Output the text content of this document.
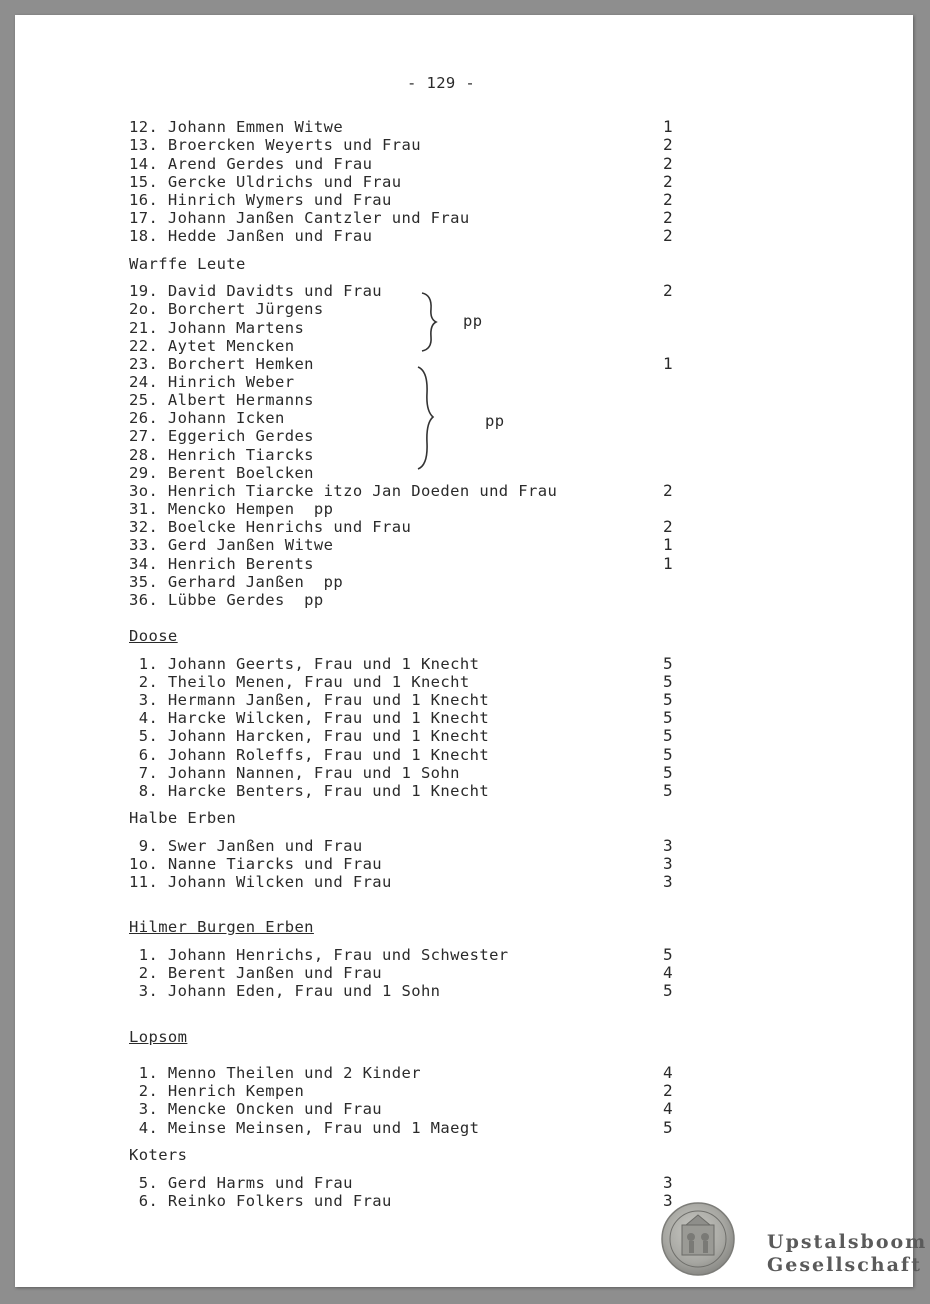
- 129 -
12. Johann Emmen Witwe	1
13. Broercken Weyerts und Frau	2
14. Arend Gerdes und Frau	2
15. Gercke Uldrichs und Frau	2
16. Hinrich Wymers und Frau	2
17. Johann Janßen Cantzler und Frau	2
18. Hedde Janßen und Frau	2
Warffe Leute
19. David Davidts und Frau	2
2o. Borchert Jürgens
21. Johann Martens
22. Aytet Mencken
23. Borchert Hemken	1
24. Hinrich Weber
25. Albert Hermanns
26. Johann Icken
27. Eggerich Gerdes
28. Henrich Tiarcks
29. Berent Boelcken
3o. Henrich Tiarcke itzo Jan Doeden und Frau	2
31. Mencko Hempen  pp
32. Boelcke Henrichs und Frau	2
33. Gerd Janßen Witwe	1
34. Henrich Berents	1
35. Gerhard Janßen  pp
36. Lübbe Gerdes  pp
Doose
1. Johann Geerts, Frau und 1 Knecht	5
2. Theilo Menen, Frau und 1 Knecht	5
3. Hermann Janßen, Frau und 1 Knecht	5
4. Harcke Wilcken, Frau und 1 Knecht	5
5. Johann Harcken, Frau und 1 Knecht	5
6. Johann Roleffs, Frau und 1 Knecht	5
7. Johann Nannen, Frau und 1 Sohn	5
8. Harcke Benters, Frau und 1 Knecht	5
Halbe Erben
9. Swer Janßen und Frau	3
1o. Nanne Tiarcks und Frau	3
11. Johann Wilcken und Frau	3
Hilmer Burgen Erben
1. Johann Henrichs, Frau und Schwester	5
2. Berent Janßen und Frau	4
3. Johann Eden, Frau und 1 Sohn	5
Lopsom
1. Menno Theilen und 2 Kinder	4
2. Henrich Kempen	2
3. Mencke Oncken und Frau	4
4. Meinse Meinsen, Frau und 1 Maegt	5
Koters
5. Gerd Harms und Frau	3
6. Reinko Folkers und Frau	3
pp
pp
Upstalsboom
Gesellschaft
